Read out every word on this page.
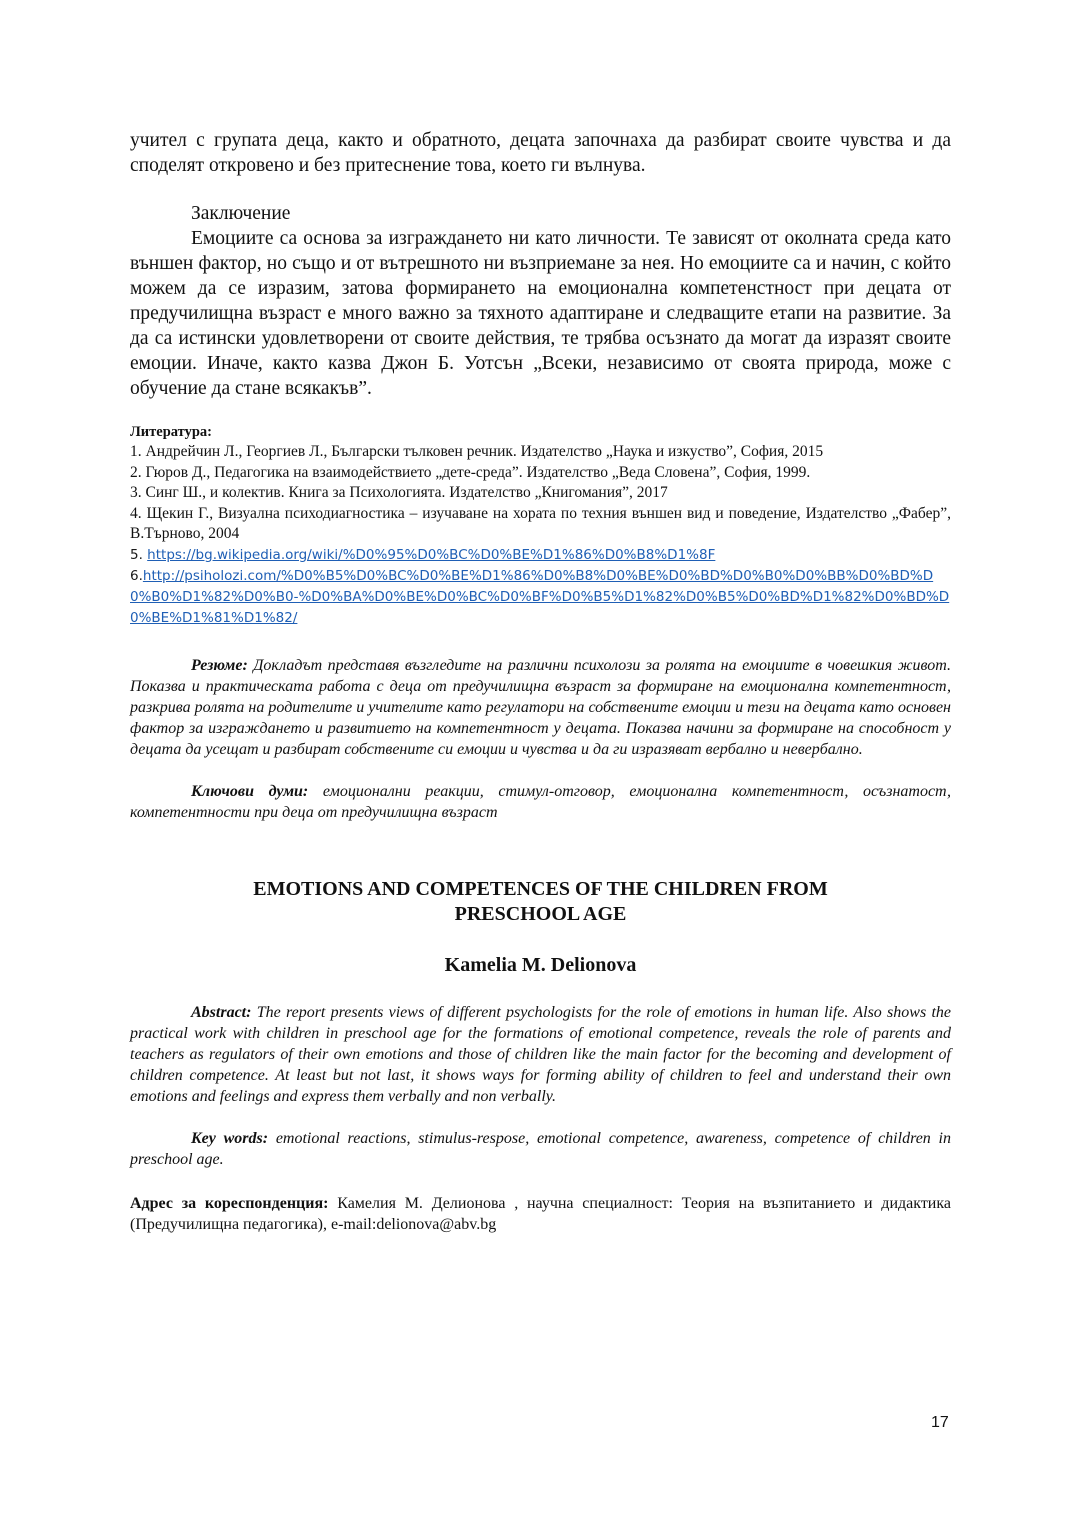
учител с групата деца, както и обратното, децата започнаха да разбират своите чувства и да споделят откровено и без притеснение това, което ги вълнува.

Заключение

Емоциите са основа за изграждането ни като личности. Те зависят от околната среда като външен фактор, но също и от вътрешното ни възприемане за нея. Но емоциите са и начин, с който можем да се изразим, затова формирането на емоционална компетенстност при децата от предучилищна възраст е много важно за тяхното адаптиране и следващите етапи на развитие. За да са истински удовлетворени от своите действия, те трябва осъзнато да могат да изразят своите емоции. Иначе, както казва Джон Б. Уотсън „Всеки, независимо от своята природа, може с обучение да стане всякакъв”.

Литература:

1. Андрейчин Л., Георгиев Л., Български тълковен речник. Издателство „Наука и изкуство”, София, 2015

2. Гюров Д., Педагогика на взаимодействието „дете-среда”. Издателство „Веда Словена”, София, 1999.

3. Синг Ш., и колектив. Книга за Психологията. Издателство „Книгомания”, 2017

4. Щекин Г., Визуална психодиагностика – изучаване на хората по техния външен вид и поведение, Издателство „Фабер”, В.Търново, 2004

5. https://bg.wikipedia.org/wiki/%D0%95%D0%BC%D0%BE%D1%86%D0%B8%D1%8F
6.http://psiholozi.com/%D0%B5%D0%BC%D0%BE%D1%86%D0%B8%D0%BE%D0%BD%D0%B0%D0%BB%D0%BD%D0%B0%D1%82%D0%B0-%D0%BA%D0%BE%D0%BC%D0%BF%D0%B5%D1%82%D0%B5%D0%BD%D1%82%D0%BD%D0%BE%D1%81%D1%82/

Резюме: Докладът представя възгледите на различни психолози за ролята на емоциите в човешкия живот. Показва и практическата работа с деца от предучилищна възраст за формиране на емоционална компетентност, разкрива ролята на родителите и учителите като регулатори на собствените емоции и тези на децата като основен фактор за изграждането и развитието на компетентност у децата. Показва начини за формиране на способност у децата да усещат и разбират собствените си емоции и чувства и да ги изразяват вербално и невербално.

Ключови думи: емоционални реакции, стимул-отговор, емоционална компетентност, осъзнатост, компетентности при деца от предучилищна възраст

EMOTIONS AND COMPETENCES OF THE CHILDREN FROM
PRESCHOOL AGE
Kamelia M. Delionova

Abstract: The report presents views of different psychologists for the role of emotions in human life. Also shows the practical work with children in preschool age for the formations of emotional competence, reveals the role of parents and teachers as regulators of their own emotions and those of children like the main factor for the becoming and development of children competence. At least but not last, it shows ways for forming ability of children to feel and understand their own emotions and feelings and express them verbally and non verbally.

Key words: emotional reactions, stimulus-respose, emotional competence, awareness, competence of children in preschool age.

Адрес за кореспонденция: Камелия М. Делионова , научна специалност: Теория на възпитанието и дидактика (Предучилищна педагогика), e-mail:delionova@abv.bg

17
